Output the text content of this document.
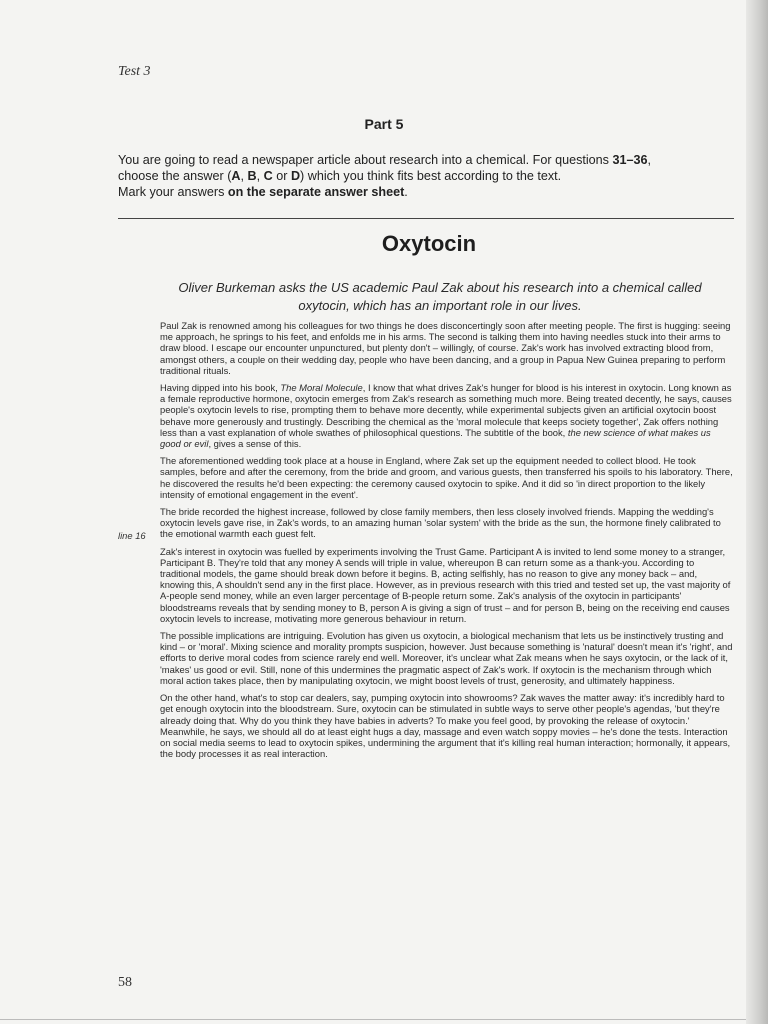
Test 3
Part 5

You are going to read a newspaper article about research into a chemical. For questions 31–36,

choose the answer (A, B, C or D) which you think fits best according to the text.

Mark your answers on the separate answer sheet.

Oxytocin

Oliver Burkeman asks the US academic Paul Zak about his research into a chemical called oxytocin, which has an important role in our lives.

line 16

Paul Zak is renowned among his colleagues for two things he does disconcertingly soon after meeting people. The first is hugging: seeing me approach, he springs to his feet, and enfolds me in his arms. The second is talking them into having needles stuck into their arms to draw blood. I escape our encounter unpunctured, but plenty don't – willingly, of course. Zak's work has involved extracting blood from, amongst others, a couple on their wedding day, people who have been dancing, and a group in Papua New Guinea preparing to perform traditional rituals.

Having dipped into his book, The Moral Molecule, I know that what drives Zak's hunger for blood is his interest in oxytocin. Long known as a female reproductive hormone, oxytocin emerges from Zak's research as something much more. Being treated decently, he says, causes people's oxytocin levels to rise, prompting them to behave more decently, while experimental subjects given an artificial oxytocin boost behave more generously and trustingly. Describing the chemical as the 'moral molecule that keeps society together', Zak offers nothing less than a vast explanation of whole swathes of philosophical questions. The subtitle of the book, the new science of what makes us good or evil, gives a sense of this.

The aforementioned wedding took place at a house in England, where Zak set up the equipment needed to collect blood. He took samples, before and after the ceremony, from the bride and groom, and various guests, then transferred his spoils to his laboratory. There, he discovered the results he'd been expecting: the ceremony caused oxytocin to spike. And it did so 'in direct proportion to the likely intensity of emotional engagement in the event'.

The bride recorded the highest increase, followed by close family members, then less closely involved friends. Mapping the wedding's oxytocin levels gave rise, in Zak's words, to an amazing human 'solar system' with the bride as the sun, the hormone finely calibrated to the emotional warmth each guest felt.

Zak's interest in oxytocin was fuelled by experiments involving the Trust Game. Participant A is invited to lend some money to a stranger, Participant B. They're told that any money A sends will triple in value, whereupon B can return some as a thank-you. According to traditional models, the game should break down before it begins. B, acting selfishly, has no reason to give any money back – and, knowing this, A shouldn't send any in the first place. However, as in previous research with this tried and tested set up, the vast majority of A-people send money, while an even larger percentage of B-people return some. Zak's analysis of the oxytocin in participants' bloodstreams reveals that by sending money to B, person A is giving a sign of trust – and for person B, being on the receiving end causes oxytocin levels to increase, motivating more generous behaviour in return.

The possible implications are intriguing. Evolution has given us oxytocin, a biological mechanism that lets us be instinctively trusting and kind – or 'moral'. Mixing science and morality prompts suspicion, however. Just because something is 'natural' doesn't mean it's 'right', and efforts to derive moral codes from science rarely end well. Moreover, it's unclear what Zak means when he says oxytocin, or the lack of it, 'makes' us good or evil. Still, none of this undermines the pragmatic aspect of Zak's work. If oxytocin is the mechanism through which moral action takes place, then by manipulating oxytocin, we might boost levels of trust, generosity, and ultimately happiness.

On the other hand, what's to stop car dealers, say, pumping oxytocin into showrooms? Zak waves the matter away: it's incredibly hard to get enough oxytocin into the bloodstream. Sure, oxytocin can be stimulated in subtle ways to serve other people's agendas, 'but they're already doing that. Why do you think they have babies in adverts? To make you feel good, by provoking the release of oxytocin.' Meanwhile, he says, we should all do at least eight hugs a day, massage and even watch soppy movies – he's done the tests. Interaction on social media seems to lead to oxytocin spikes, undermining the argument that it's killing real human interaction; hormonally, it appears, the body processes it as real interaction.

58
